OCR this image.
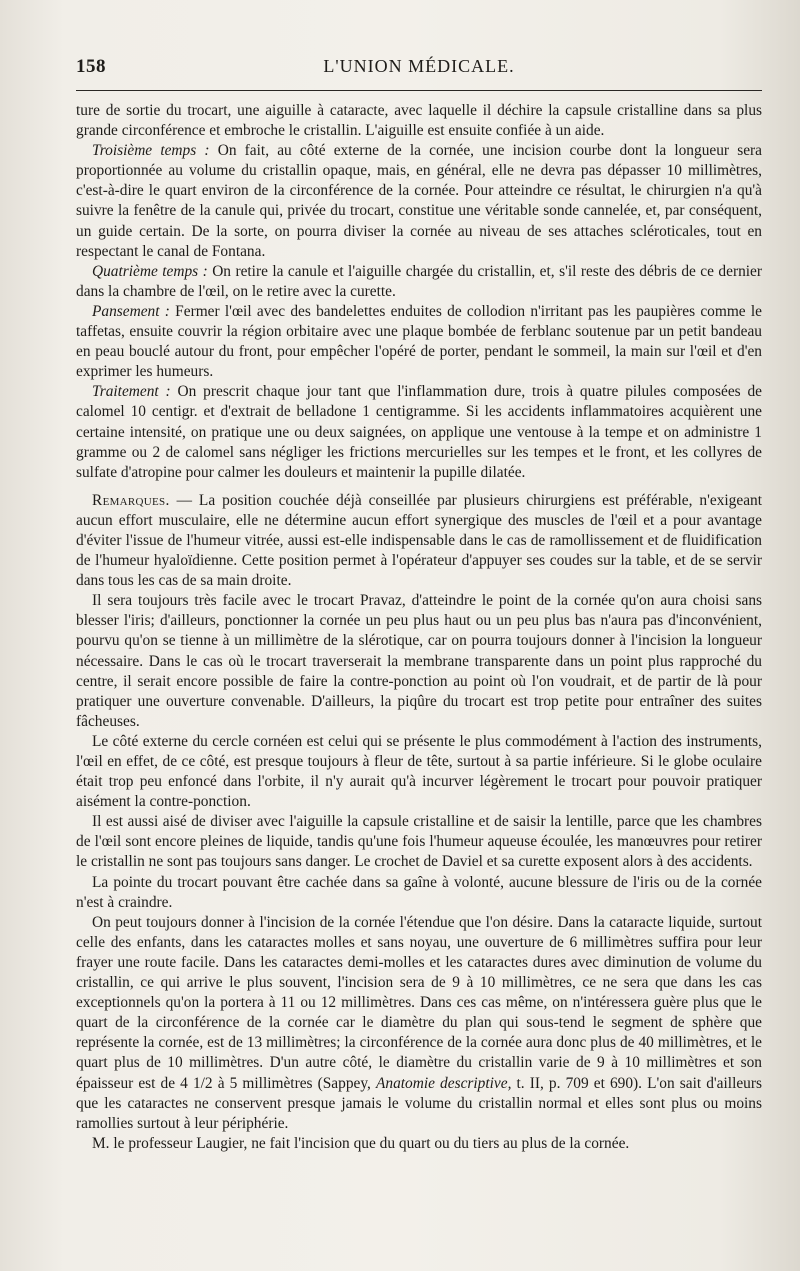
158	L'UNION MÉDICALE.

ture de sortie du trocart, une aiguille à cataracte, avec laquelle il déchire la capsule cristalline dans sa plus grande circonférence et embroche le cristallin. L'aiguille est ensuite confiée à un aide.

Troisième temps : On fait, au côté externe de la cornée, une incision courbe dont la longueur sera proportionnée au volume du cristallin opaque, mais, en général, elle ne devra pas dépasser 10 millimètres, c'est-à-dire le quart environ de la circonférence de la cornée. Pour atteindre ce résultat, le chirurgien n'a qu'à suivre la fenêtre de la canule qui, privée du trocart, constitue une véritable sonde cannelée, et, par conséquent, un guide certain. De la sorte, on pourra diviser la cornée au niveau de ses attaches scléroticales, tout en respectant le canal de Fontana.

Quatrième temps : On retire la canule et l'aiguille chargée du cristallin, et, s'il reste des débris de ce dernier dans la chambre de l'œil, on le retire avec la curette.

Pansement : Fermer l'œil avec des bandelettes enduites de collodion n'irritant pas les paupières comme le taffetas, ensuite couvrir la région orbitaire avec une plaque bombée de ferblanc soutenue par un petit bandeau en peau bouclé autour du front, pour empêcher l'opéré de porter, pendant le sommeil, la main sur l'œil et d'en exprimer les humeurs.

Traitement : On prescrit chaque jour tant que l'inflammation dure, trois à quatre pilules composées de calomel 10 centigr. et d'extrait de belladone 1 centigramme. Si les accidents inflammatoires acquièrent une certaine intensité, on pratique une ou deux saignées, on applique une ventouse à la tempe et on administre 1 gramme ou 2 de calomel sans négliger les frictions mercurielles sur les tempes et le front, et les collyres de sulfate d'atropine pour calmer les douleurs et maintenir la pupille dilatée.

Remarques. — La position couchée déjà conseillée par plusieurs chirurgiens est préférable, n'exigeant aucun effort musculaire, elle ne détermine aucun effort synergique des muscles de l'œil et a pour avantage d'éviter l'issue de l'humeur vitrée, aussi est-elle indispensable dans le cas de ramollissement et de fluidification de l'humeur hyaloïdienne. Cette position permet à l'opérateur d'appuyer ses coudes sur la table, et de se servir dans tous les cas de sa main droite.

Il sera toujours très facile avec le trocart Pravaz, d'atteindre le point de la cornée qu'on aura choisi sans blesser l'iris; d'ailleurs, ponctionner la cornée un peu plus haut ou un peu plus bas n'aura pas d'inconvénient, pourvu qu'on se tienne à un millimètre de la slérotique, car on pourra toujours donner à l'incision la longueur nécessaire. Dans le cas où le trocart traverserait la membrane transparente dans un point plus rapproché du centre, il serait encore possible de faire la contre-ponction au point où l'on voudrait, et de partir de là pour pratiquer une ouverture convenable. D'ailleurs, la piqûre du trocart est trop petite pour entraîner des suites fâcheuses.

Le côté externe du cercle cornéen est celui qui se présente le plus commodément à l'action des instruments, l'œil en effet, de ce côté, est presque toujours à fleur de tête, surtout à sa partie inférieure. Si le globe oculaire était trop peu enfoncé dans l'orbite, il n'y aurait qu'à incurver légèrement le trocart pour pouvoir pratiquer aisément la contre-ponction.

Il est aussi aisé de diviser avec l'aiguille la capsule cristalline et de saisir la lentille, parce que les chambres de l'œil sont encore pleines de liquide, tandis qu'une fois l'humeur aqueuse écoulée, les manœuvres pour retirer le cristallin ne sont pas toujours sans danger. Le crochet de Daviel et sa curette exposent alors à des accidents.

La pointe du trocart pouvant être cachée dans sa gaîne à volonté, aucune blessure de l'iris ou de la cornée n'est à craindre.

On peut toujours donner à l'incision de la cornée l'étendue que l'on désire. Dans la cataracte liquide, surtout celle des enfants, dans les cataractes molles et sans noyau, une ouverture de 6 millimètres suffira pour leur frayer une route facile. Dans les cataractes demi-molles et les cataractes dures avec diminution de volume du cristallin, ce qui arrive le plus souvent, l'incision sera de 9 à 10 millimètres, ce ne sera que dans les cas exceptionnels qu'on la portera à 11 ou 12 millimètres. Dans ces cas même, on n'intéressera guère plus que le quart de la circonférence de la cornée car le diamètre du plan qui sous-tend le segment de sphère que représente la cornée, est de 13 millimètres; la circonférence de la cornée aura donc plus de 40 millimètres, et le quart plus de 10 millimètres. D'un autre côté, le diamètre du cristallin varie de 9 à 10 millimètres et son épaisseur est de 4 1/2 à 5 millimètres (Sappey, Anatomie descriptive, t. II, p. 709 et 690). L'on sait d'ailleurs que les cataractes ne conservent presque jamais le volume du cristallin normal et elles sont plus ou moins ramollies surtout à leur périphérie.

M. le professeur Laugier, ne fait l'incision que du quart ou du tiers au plus de la cornée.
